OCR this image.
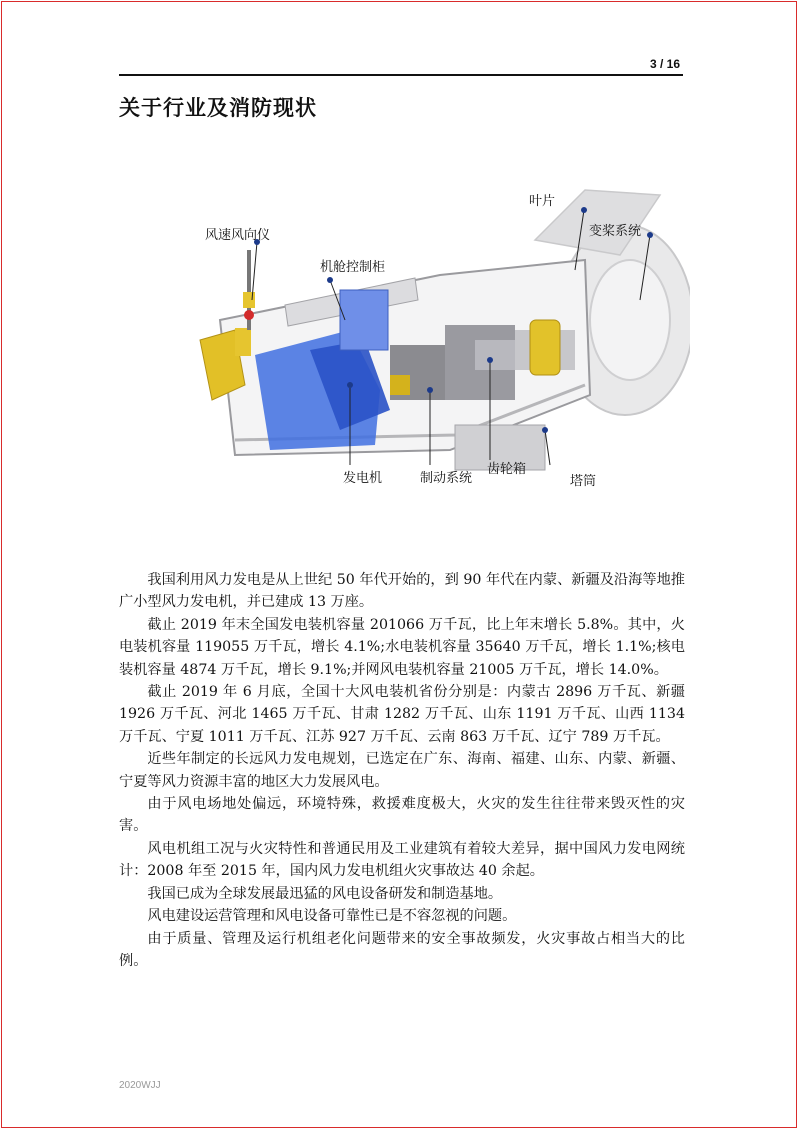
3 / 16
关于行业及消防现状
叶片
变桨系统
风速风向仪
机舱控制柜
发电机	制动系统
齿轮箱
塔筒

我国利用风力发电是从上世纪 50 年代开始的，到 90 年代在内蒙、新疆及沿海等地推广小型风力发电机，并已建成 13 万座。

截止 2019 年末全国发电装机容量 201066 万千瓦，比上年末增长 5.8%。其中，火电装机容量 119055 万千瓦，增长 4.1%;水电装机容量 35640 万千瓦，增长 1.1%;核电装机容量 4874 万千瓦，增长 9.1%;并网风电装机容量 21005 万千瓦，增长 14.0%。

截止 2019 年 6 月底，全国十大风电装机省份分别是：内蒙古 2896 万千瓦、新疆 1926 万千瓦、河北 1465 万千瓦、甘肃 1282 万千瓦、山东 1191 万千瓦、山西 1134 万千瓦、宁夏 1011 万千瓦、江苏 927 万千瓦、云南 863 万千瓦、辽宁 789 万千瓦。

近些年制定的长远风力发电规划，已选定在广东、海南、福建、山东、内蒙、新疆、宁夏等风力资源丰富的地区大力发展风电。

由于风电场地处偏远，环境特殊，救援难度极大，火灾的发生往往带来毁灭性的灾害。

风电机组工况与火灾特性和普通民用及工业建筑有着较大差异，据中国风力发电网统计：2008 年至 2015 年，国内风力发电机组火灾事故达 40 余起。

我国已成为全球发展最迅猛的风电设备研发和制造基地。

风电建设运营管理和风电设备可靠性已是不容忽视的问题。

由于质量、管理及运行机组老化问题带来的安全事故频发，火灾事故占相当大的比例。

2020WJJ
